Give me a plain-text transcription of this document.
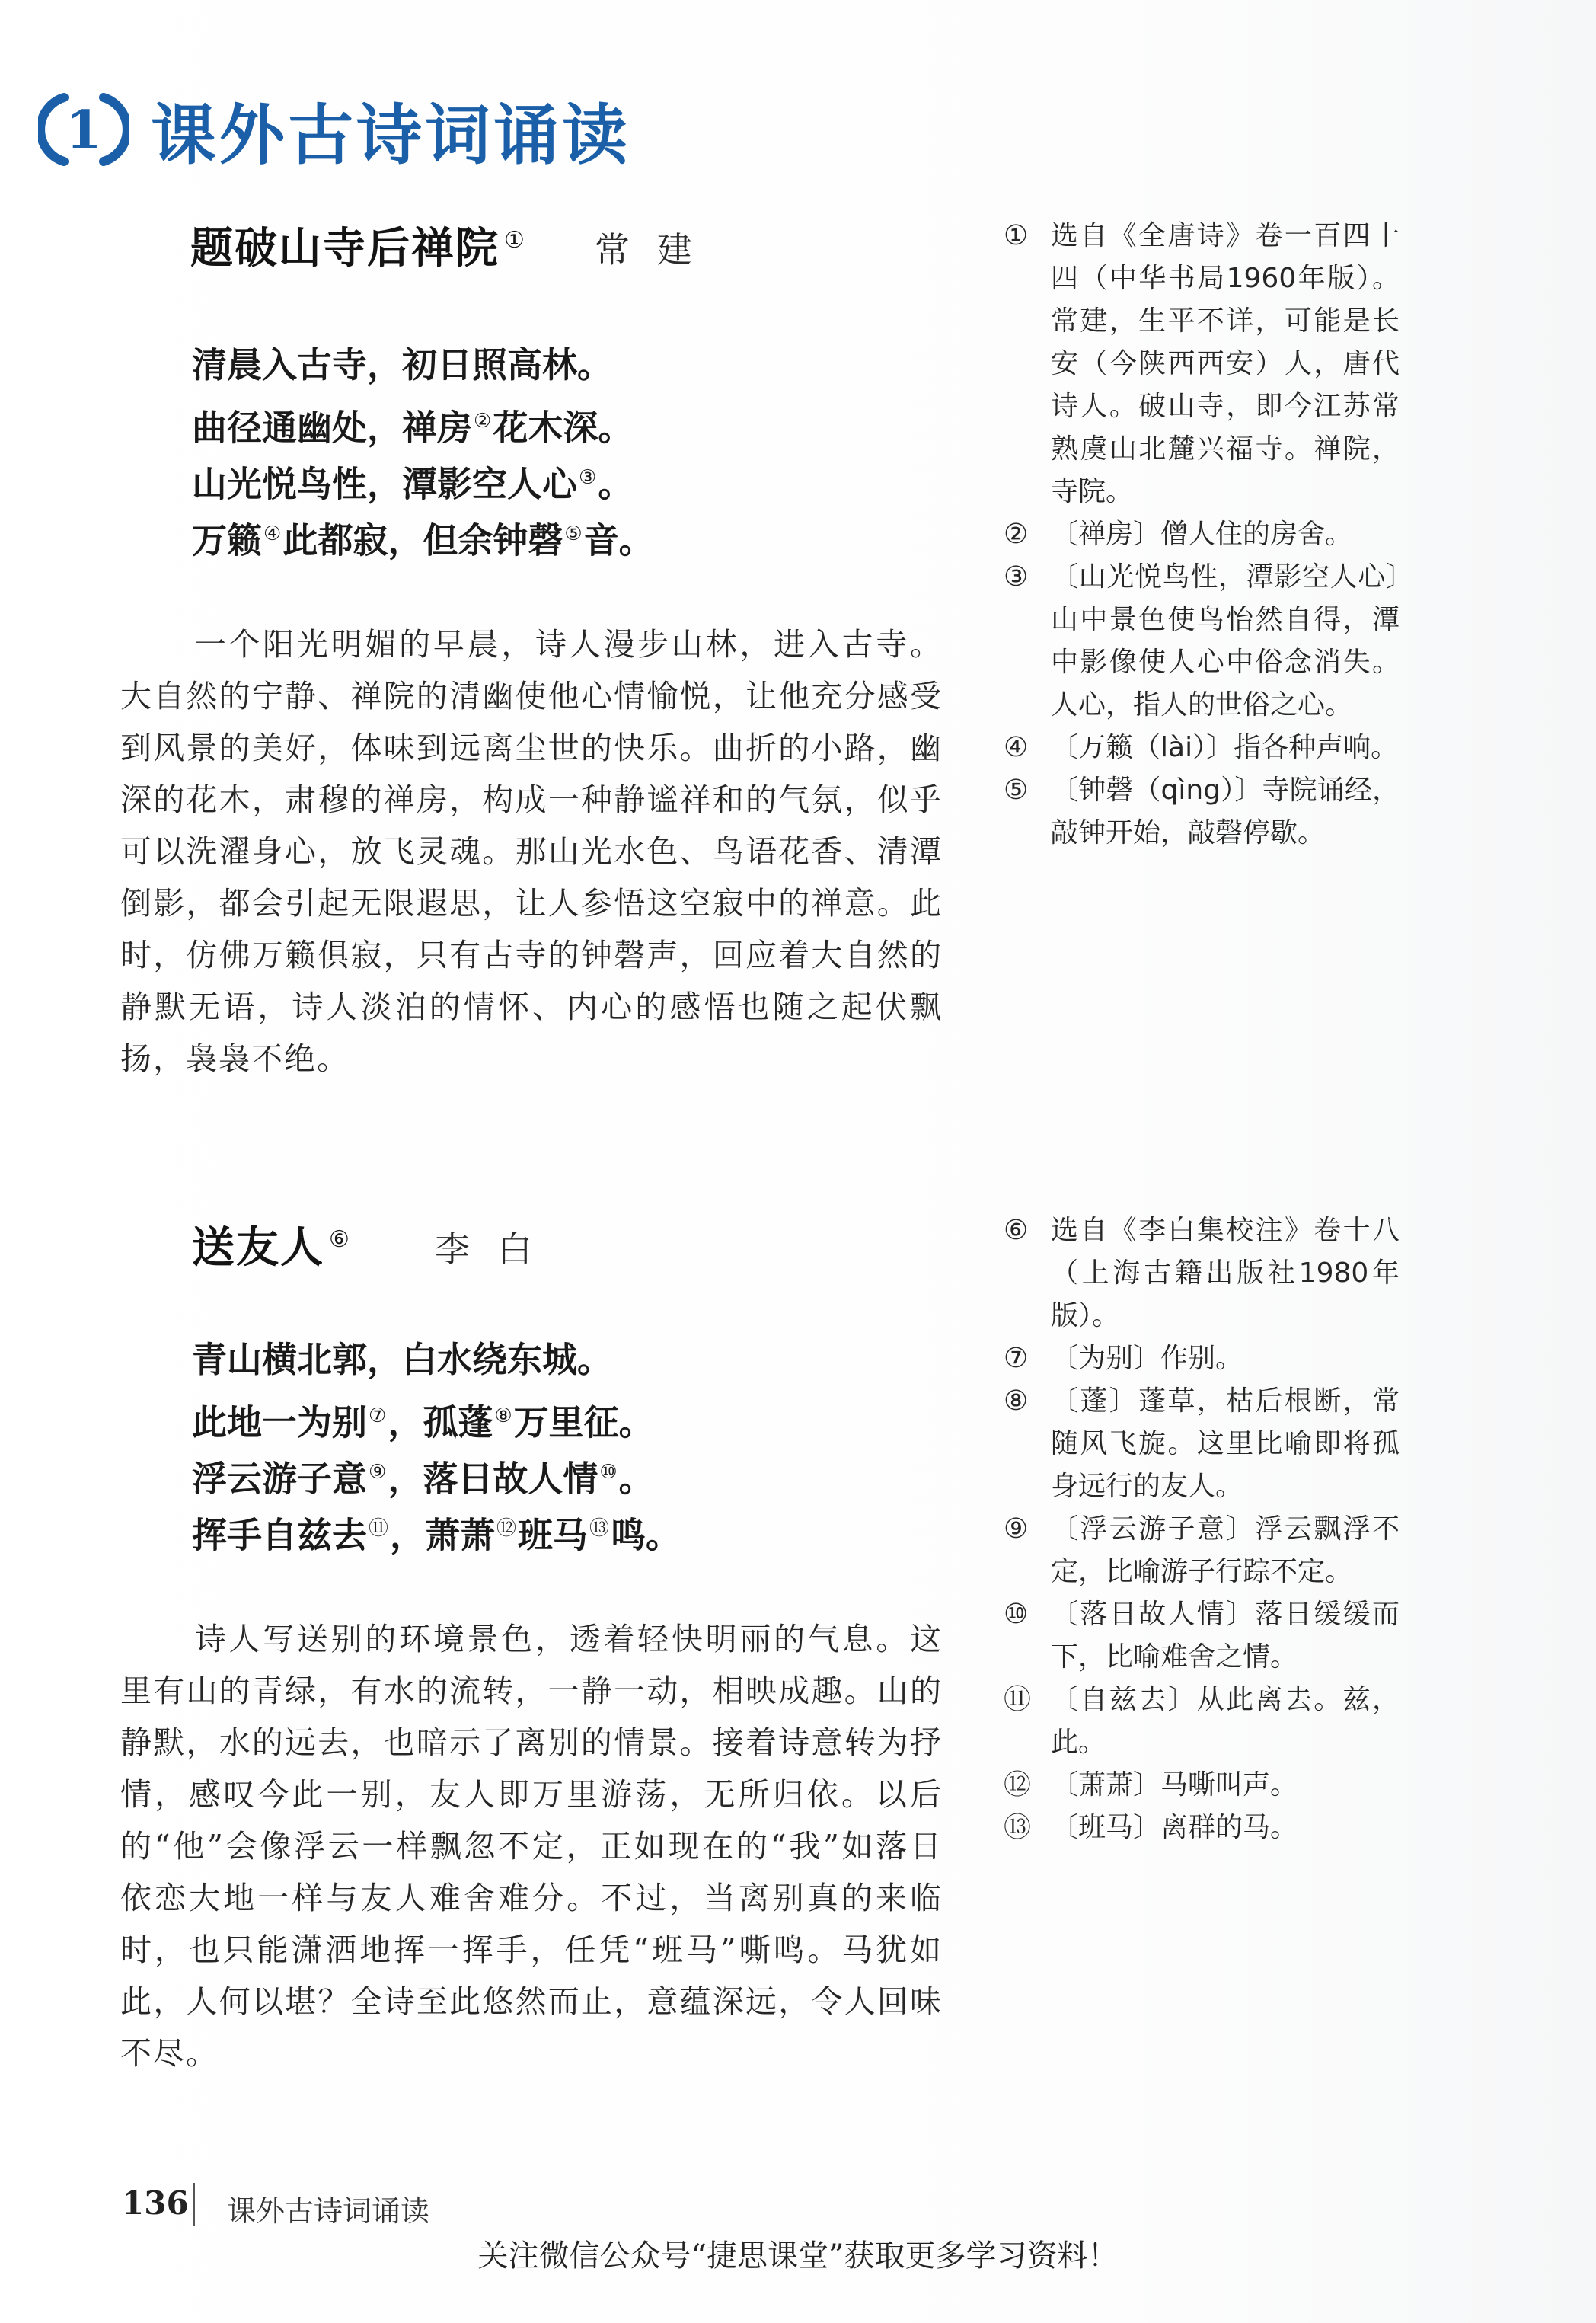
1 课外古诗词诵读
题破山寺后禅院 ① 常建
清晨入古寺，初日照高林。
曲径通幽处，禅房②花木深。
山光悦鸟性，潭影空人心③。
万籁④此都寂，但余钟磬⑤音。
一个阳光明媚的早晨，诗人漫步山林，进入古寺。大自然的宁静、禅院的清幽使他心情愉悦，让他充分感受到风景的美好，体味到远离尘世的快乐。曲折的小路，幽深的花木，肃穆的禅房，构成一种静谧祥和的气氛，似乎可以洗濯身心，放飞灵魂。那山光水色、鸟语花香、清潭倒影，都会引起无限遐思，让人参悟这空寂中的禅意。此时，仿佛万籁俱寂，只有古寺的钟磬声，回应着大自然的静默无语，诗人淡泊的情怀、内心的感悟也随之起伏飘扬，袅袅不绝。
① 选自《全唐诗》卷一百四十四（中华书局1960年版）。常建，生平不详，可能是长安（今陕西西安）人，唐代诗人。破山寺，即今江苏常熟虞山北麓兴福寺。禅院，寺院。
② 〔禅房〕僧人住的房舍。
③ 〔山光悦鸟性，潭影空人心〕山中景色使鸟怡然自得，潭中影像使人心中俗念消失。人心，指人的世俗之心。
④ 〔万籁（lài）〕指各种声响。
⑤ 〔钟磬（qìng）〕寺院诵经，敲钟开始，敲磬停歇。
送友人 ⑥ 李白
青山横北郭，白水绕东城。
此地一为别⑦，孤蓬⑧万里征。
浮云游子意⑨，落日故人情⑩。
挥手自兹去⑪，萧萧⑫班马⑬鸣。
诗人写送别的环境景色，透着轻快明丽的气息。这里有山的青绿，有水的流转，一静一动，相映成趣。山的静默，水的远去，也暗示了离别的情景。接着诗意转为抒情，感叹今此一别，友人即万里游荡，无所归依。以后的“他”会像浮云一样飘忽不定，正如现在的“我”如落日依恋大地一样与友人难舍难分。不过，当离别真的来临时，也只能潇洒地挥一挥手，任凭“班马”嘶鸣。马犹如此，人何以堪？全诗至此悠然而止，意蕴深远，令人回味不尽。
⑥ 选自《李白集校注》卷十八（上海古籍出版社1980年版）。
⑦ 〔为别〕作别。
⑧ 〔蓬〕蓬草，枯后根断，常随风飞旋。这里比喻即将孤身远行的友人。
⑨ 〔浮云游子意〕浮云飘浮不定，比喻游子行踪不定。
⑩ 〔落日故人情〕落日缓缓而下，比喻难舍之情。
⑪ 〔自兹去〕从此离去。兹，此。
⑫ 〔萧萧〕马嘶叫声。
⑬ 〔班马〕离群的马。
136 课外古诗词诵读
关注微信公众号“捷思课堂”获取更多学习资料！
